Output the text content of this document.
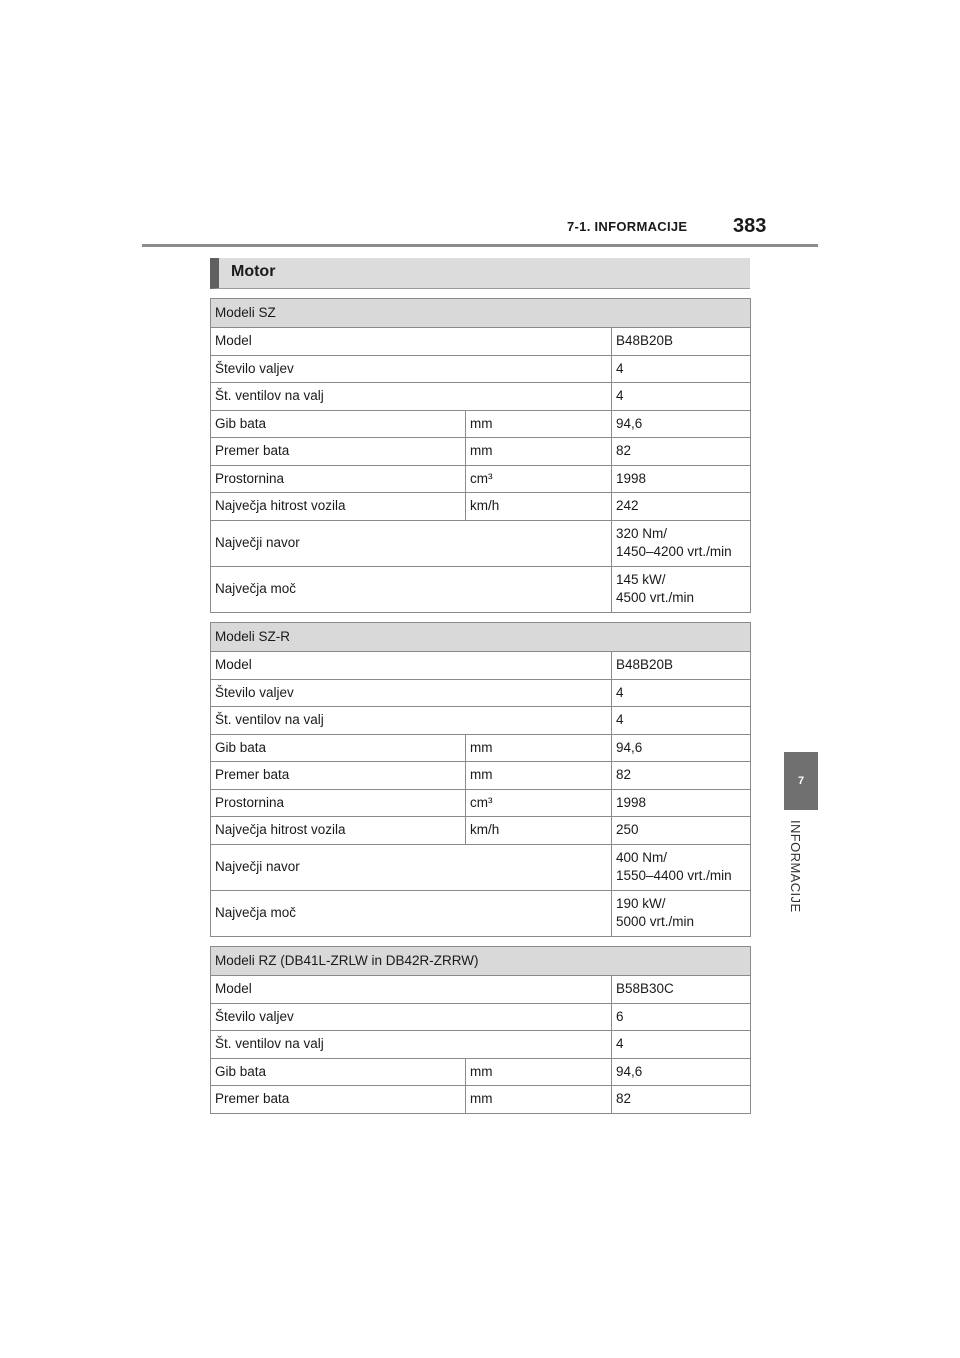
7-1. INFORMACIJE 383
7
INFORMACIJE
Motor
Modeli SZ		
Model		B48B20B
Število valjev		4
Št. ventilov na valj		4
Gib bata	mm	94,6
Premer bata	mm	82
Prostornina	cm³	1998
Največja hitrost vozila	km/h	242
Največji navor		320 Nm/
1450–4200 vrt./min

Največja moč		145 kW/
4500 vrt./min
Modeli SZ-R		
Model		B48B20B
Število valjev		4
Št. ventilov na valj		4
Gib bata	mm	94,6
Premer bata	mm	82
Prostornina	cm³	1998
Največja hitrost vozila	km/h	250
Največji navor		400 Nm/
1550–4400 vrt./min

Največja moč		190 kW/
5000 vrt./min
Modeli RZ (DB41L-ZRLW in DB42R-ZRRW)		
Model		B58B30C
Število valjev		6
Št. ventilov na valj		4
Gib bata	mm	94,6
Premer bata	mm	82
